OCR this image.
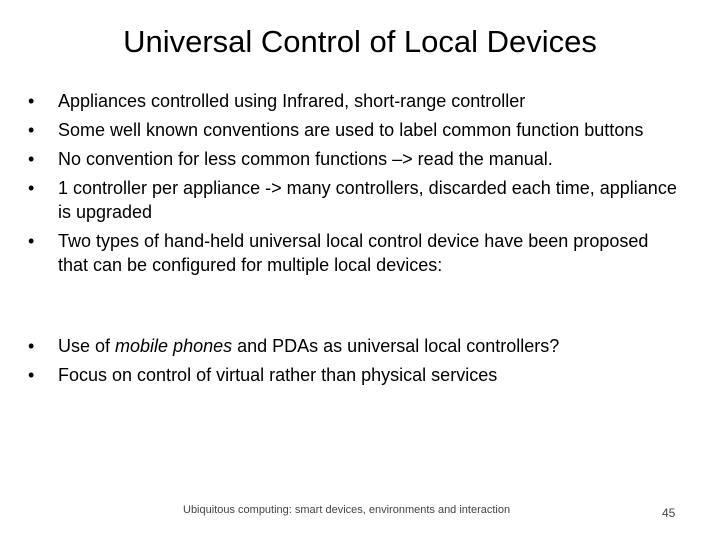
Universal Control of Local Devices
•	Appliances controlled using Infrared, short-range controller
•	Some well known conventions are used to label common function buttons
•	No convention for less common functions –> read the manual.
•	1 controller per appliance -> many controllers, discarded each time, appliance is upgraded
•	Two types of hand-held universal local control device have been proposed that can be configured for multiple local devices:
•	Use of mobile phones and PDAs as universal local controllers?
•	Focus on control of virtual rather than physical services
Ubiquitous computing: smart devices, environments and interaction	45
